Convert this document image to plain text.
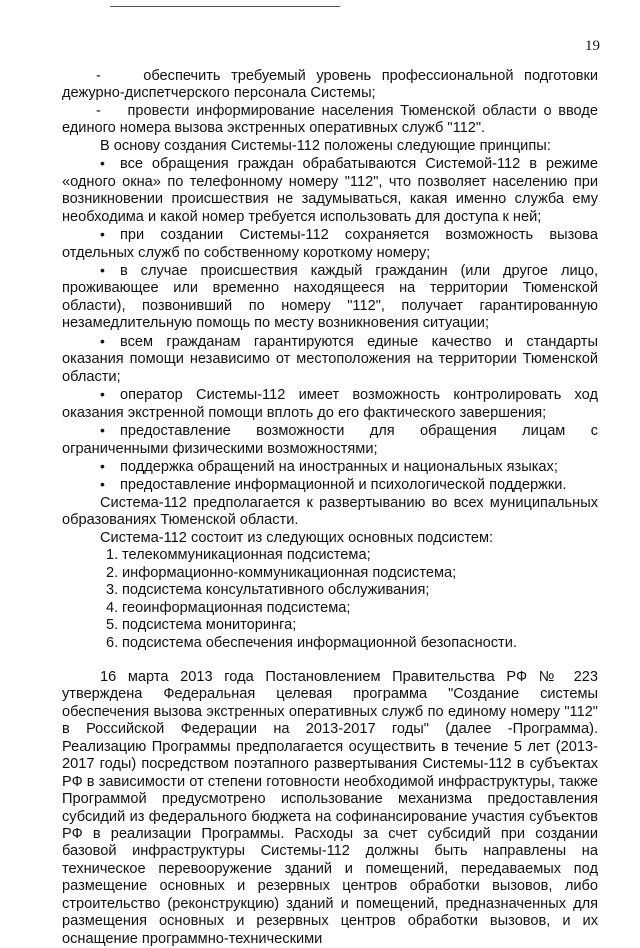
19

-    обеспечить требуемый уровень профессиональной подготовки дежурно-диспетчерского персонала Системы;

-    провести информирование населения Тюменской области о вводе единого номера вызова экстренных оперативных служб "112".

В основу создания Системы-112 положены следующие принципы:

•все обращения граждан обрабатываются Системой-112 в режиме «одного окна» по телефонному номеру "112", что позволяет населению при возникновении происшествия не задумываться, какая именно служба ему необходима и какой номер требуется использовать для доступа к ней;

•при создании Системы-112 сохраняется возможность вызова отдельных служб по собственному короткому номеру;

•в случае происшествия каждый гражданин (или другое лицо, проживающее или временно находящееся на территории Тюменской области), позвонивший по номеру "112", получает гарантированную незамедлительную помощь по месту возникновения ситуации;

•всем гражданам гарантируются единые качество и стандарты оказания помощи независимо от местоположения на территории Тюменской области;

•оператор Системы-112 имеет возможность контролировать ход оказания экстренной помощи вплоть до его фактического завершения;

•предоставление возможности для обращения лицам с ограниченными физическими возможностями;

•поддержка обращений на иностранных и национальных языках;

•предоставление информационной и психологической поддержки.

Система-112 предполагается к развертыванию во всех муниципальных образованиях Тюменской области.

Система-112 состоит из следующих основных подсистем:

1.телекоммуникационная подсистема;

2.информационно-коммуникационная подсистема;

3.подсистема консультативного обслуживания;

4.геоинформационная подсистема;

5.подсистема мониторинга;

6.подсистема обеспечения информационной безопасности.

16 марта 2013 года Постановлением Правительства РФ № 223 утверждена Федеральная целевая программа "Создание системы обеспечения вызова экстренных оперативных служб по единому номеру "112" в Российской Федерации на 2013-2017 годы" (далее -Программа). Реализацию Программы предполагается осуществить в течение 5 лет (2013-2017 годы) посредством поэтапного развертывания Системы-112 в субъектах РФ в зависимости от степени готовности необходимой инфраструктуры, также Программой предусмотрено использование механизма предоставления субсидий из федерального бюджета на софинансирование участия субъектов РФ в реализации Программы. Расходы за счет субсидий при создании базовой инфраструктуры Системы-112 должны быть направлены на техническое перевооружение зданий и помещений, передаваемых под размещение основных и резервных центров обработки вызовов, либо строительство (реконструкцию) зданий и помещений, предназначенных для размещения основных и резервных центров обработки вызовов, и их оснащение программно-техническими
